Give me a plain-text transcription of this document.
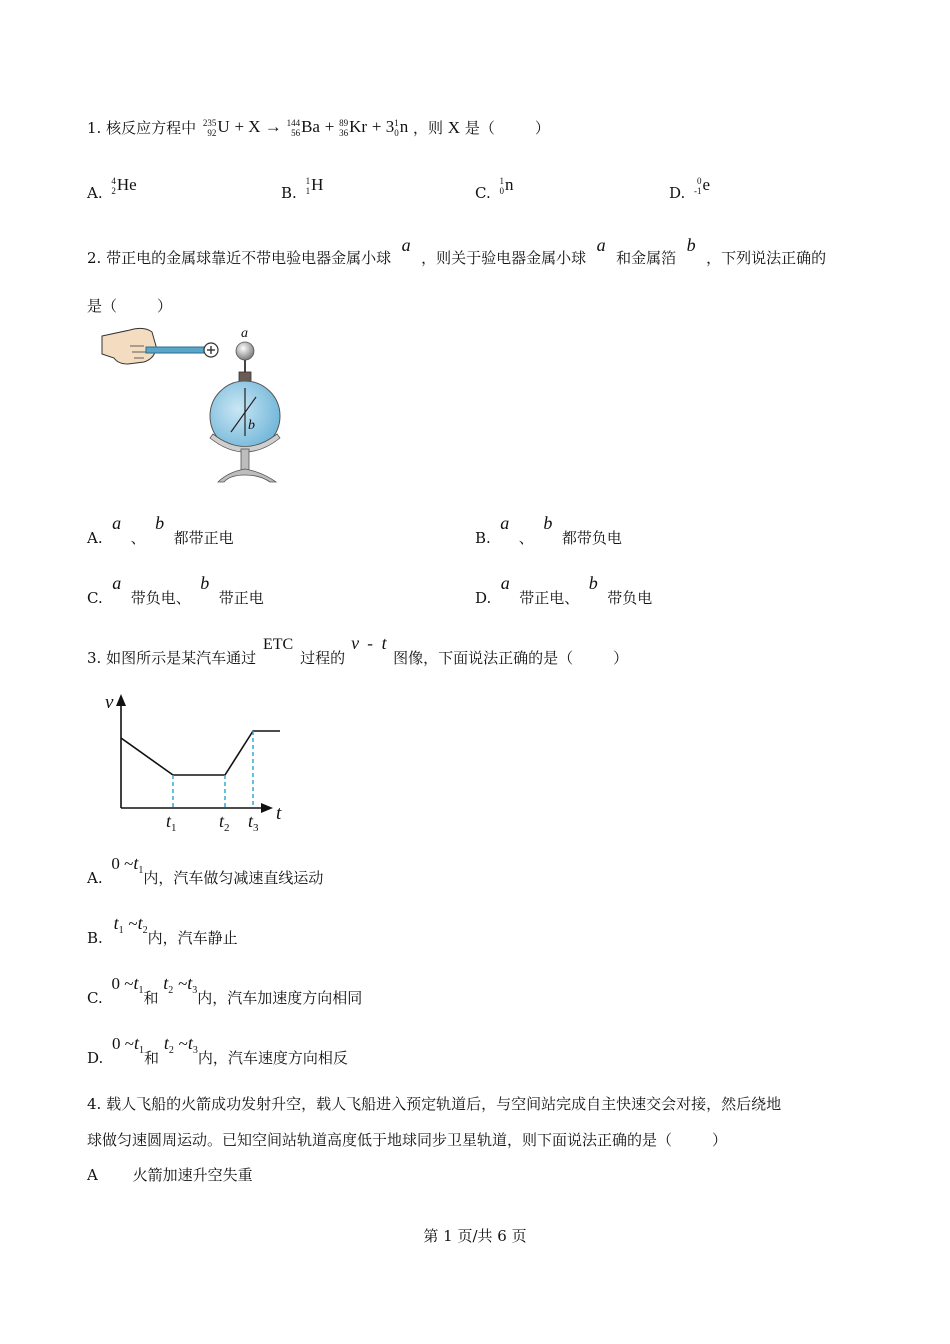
1. 核反应方程中 235
92 U + X → 144
56 Ba + 89
36 Kr + 3 1
0 n ，则 X 是（	）
A.
4
2 He	B.
1
1 H	C.
1
0 n	D.
0
-1 e
2. 带正电的金属球靠近不带电验电器金属小球a，则关于验电器金属小球a和金属箔b，下列说法正确的
是（	）
a
b
A.a、b都带正电	B.a、b都带负电
C.a带负电、b带正电	D.a带正电、b带负电
3. 如图所示是某汽车通过ETC过程的v - t图像，下面说法正确的是（	）
v
t
$t_1$ $t_2$ $t_3$
A. 0 $\sim t_1$内，汽车做匀减速直线运动
B. $t_1$ $\sim t_2$内，汽车静止
C. 0 $\sim t_1$和 $t_2$ $\sim t_3$内，汽车加速度方向相同
D. 0 $\sim t_1$和 $t_2$ $\sim t_3$内，汽车速度方向相反
4. 载人飞船的火箭成功发射升空，载人飞船进入预定轨道后，与空间站完成自主快速交会对接，然后绕地
球做匀速圆周运动。已知空间站轨道高度低于地球同步卫星轨道，则下面说法正确的是（	）
A 火箭加速升空失重
第 1 页/共 6 页
